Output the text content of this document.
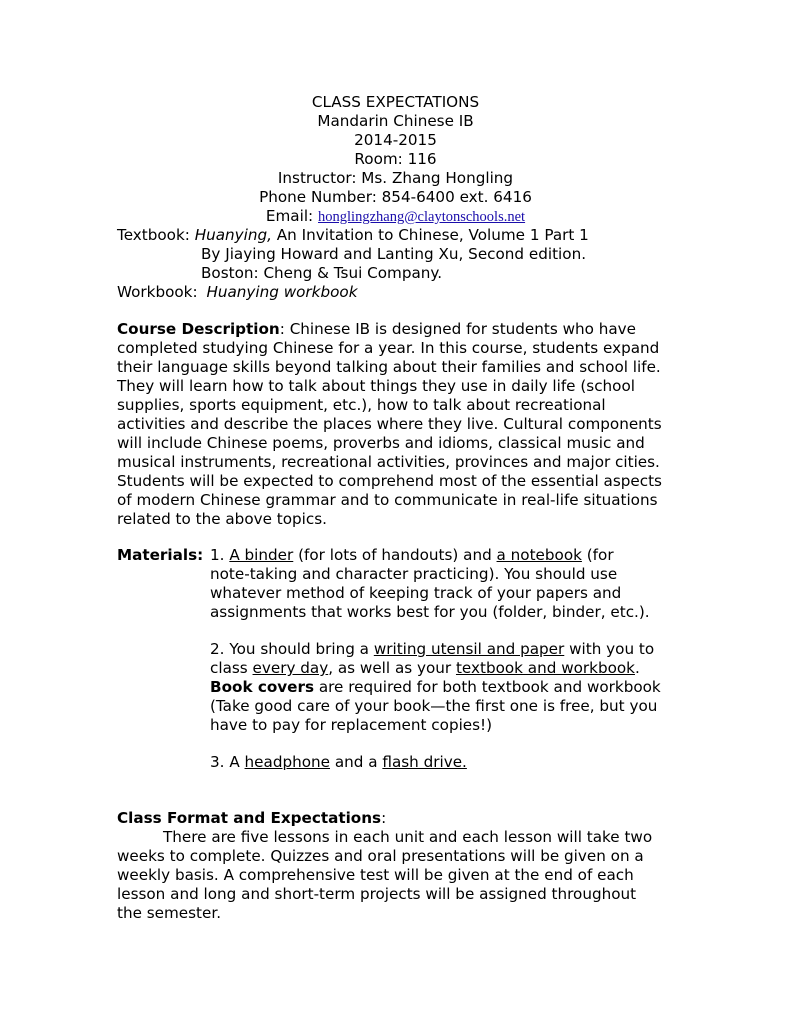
CLASS EXPECTATIONS
Mandarin Chinese IB
2014-2015
Room: 116
Instructor: Ms. Zhang Hongling
Phone Number: 854-6400 ext. 6416
Email: honglingzhang@claytonschools.net
Textbook: Huanying, An Invitation to Chinese, Volume 1 Part 1
By Jiaying Howard and Lanting Xu, Second edition.
Boston: Cheng & Tsui Company.
Workbook: Huanying workbook
Course Description: Chinese IB is designed for students who have
completed studying Chinese for a year. In this course, students expand
their language skills beyond talking about their families and school life.
They will learn how to talk about things they use in daily life (school
supplies, sports equipment, etc.), how to talk about recreational
activities and describe the places where they live. Cultural components
will include Chinese poems, proverbs and idioms, classical music and
musical instruments, recreational activities, provinces and major cities.
Students will be expected to comprehend most of the essential aspects
of modern Chinese grammar and to communicate in real-life situations
related to the above topics.
Materials: 1. A binder (for lots of handouts) and a notebook (for
note-taking and character practicing). You should use
whatever method of keeping track of your papers and
assignments that works best for you (folder, binder, etc.).
2. You should bring a writing utensil and paper with you to
class every day, as well as your textbook and workbook.
Book covers are required for both textbook and workbook
(Take good care of your book—the first one is free, but you
have to pay for replacement copies!)
3. A headphone and a flash drive.
Class Format and Expectations:
There are five lessons in each unit and each lesson will take two
weeks to complete. Quizzes and oral presentations will be given on a
weekly basis. A comprehensive test will be given at the end of each
lesson and long and short-term projects will be assigned throughout
the semester.
